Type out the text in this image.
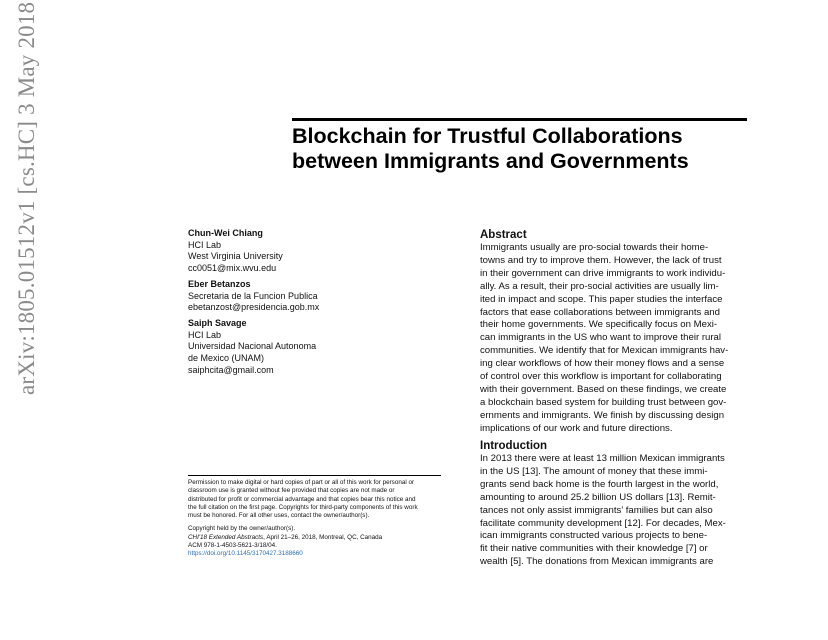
arXiv:1805.01512v1 [cs.HC] 3 May 2018	Blockchain for Trustful Collaborations
between Immigrants and Governments
Chun-Wei Chiang
HCI Lab
West Virginia University
cc0051@mix.wvu.edu
Eber Betanzos
Secretaria de la Funcion Publica
ebetanzost@presidencia.gob.mx
Saiph Savage
HCI Lab
Universidad Nacional Autonoma
de Mexico (UNAM)
saiphcita@gmail.com
Permission to make digital or hard copies of part or all of this work for personal or
classroom use is granted without fee provided that copies are not made or
distributed for profit or commercial advantage and that copies bear this notice and
the full citation on the first page. Copyrights for third-party components of this work
must be honored. For all other uses, contact the owner/author(s).
Copyright held by the owner/author(s).
CHI'18 Extended Abstracts, April 21–26, 2018, Montreal, QC, Canada
ACM 978-1-4503-5621-3/18/04.
https://doi.org/10.1145/3170427.3188660
Abstract
Immigrants usually are pro-social towards their home-
towns and try to improve them. However, the lack of trust
in their government can drive immigrants to work individu-
ally. As a result, their pro-social activities are usually lim-
ited in impact and scope. This paper studies the interface
factors that ease collaborations between immigrants and
their home governments. We specifically focus on Mexi-
can immigrants in the US who want to improve their rural
communities. We identify that for Mexican immigrants hav-
ing clear workflows of how their money flows and a sense
of control over this workflow is important for collaborating
with their government. Based on these findings, we create
a blockchain based system for building trust between gov-
ernments and immigrants. We finish by discussing design
implications of our work and future directions.
Introduction
In 2013 there were at least 13 million Mexican immigrants
in the US [13]. The amount of money that these immi-
grants send back home is the fourth largest in the world,
amounting to around 25.2 billion US dollars [13]. Remit-
tances not only assist immigrants’ families but can also
facilitate community development [12]. For decades, Mex-
ican immigrants constructed various projects to bene-
fit their native communities with their knowledge [7] or
wealth [5]. The donations from Mexican immigrants are
